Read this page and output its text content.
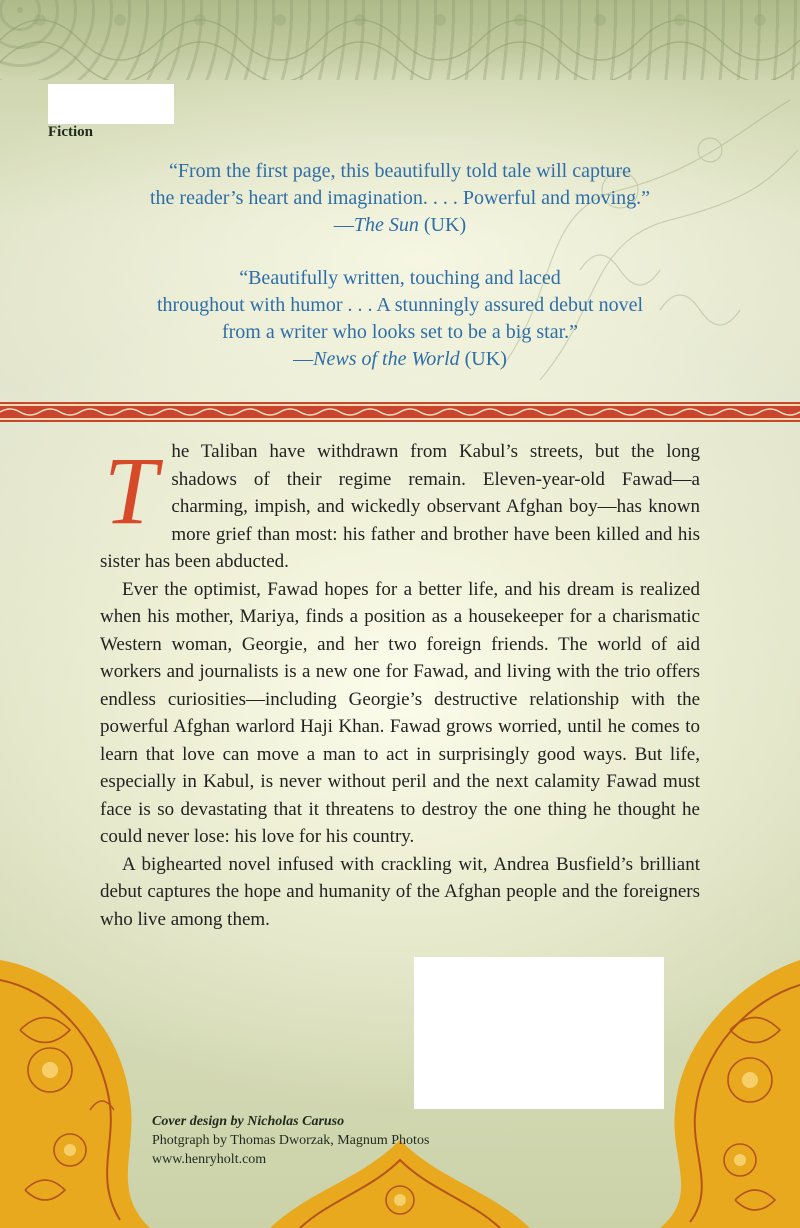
Fiction
“From the first page, this beautifully told tale will capture
the reader’s heart and imagination. . . . Powerful and moving.”
—The Sun (UK)
“Beautifully written, touching and laced
throughout with humor . . . A stunningly assured debut novel
from a writer who looks set to be a big star.”
—News of the World (UK)

The Taliban have withdrawn from Kabul’s streets, but the long shadows of their regime remain. Eleven-year-old Fawad—a charming, impish, and wickedly observant Afghan boy—has known more grief than most: his father and brother have been killed and his sister has been abducted.

Ever the optimist, Fawad hopes for a better life, and his dream is realized when his mother, Mariya, finds a position as a housekeeper for a charismatic Western woman, Georgie, and her two foreign friends. The world of aid workers and journalists is a new one for Fawad, and living with the trio offers endless curiosities—including Georgie’s destructive relationship with the powerful Afghan warlord Haji Khan. Fawad grows worried, until he comes to learn that love can move a man to act in surprisingly good ways. But life, especially in Kabul, is never without peril and the next calamity Fawad must face is so devastating that it threatens to destroy the one thing he thought he could never lose: his love for his country.

A bighearted novel infused with crackling wit, Andrea Busfield’s brilliant debut captures the hope and humanity of the Afghan people and the foreigners who live among them.

Cover design by Nicholas Caruso
Photgraph by Thomas Dworzak, Magnum Photos
www.henryholt.com
